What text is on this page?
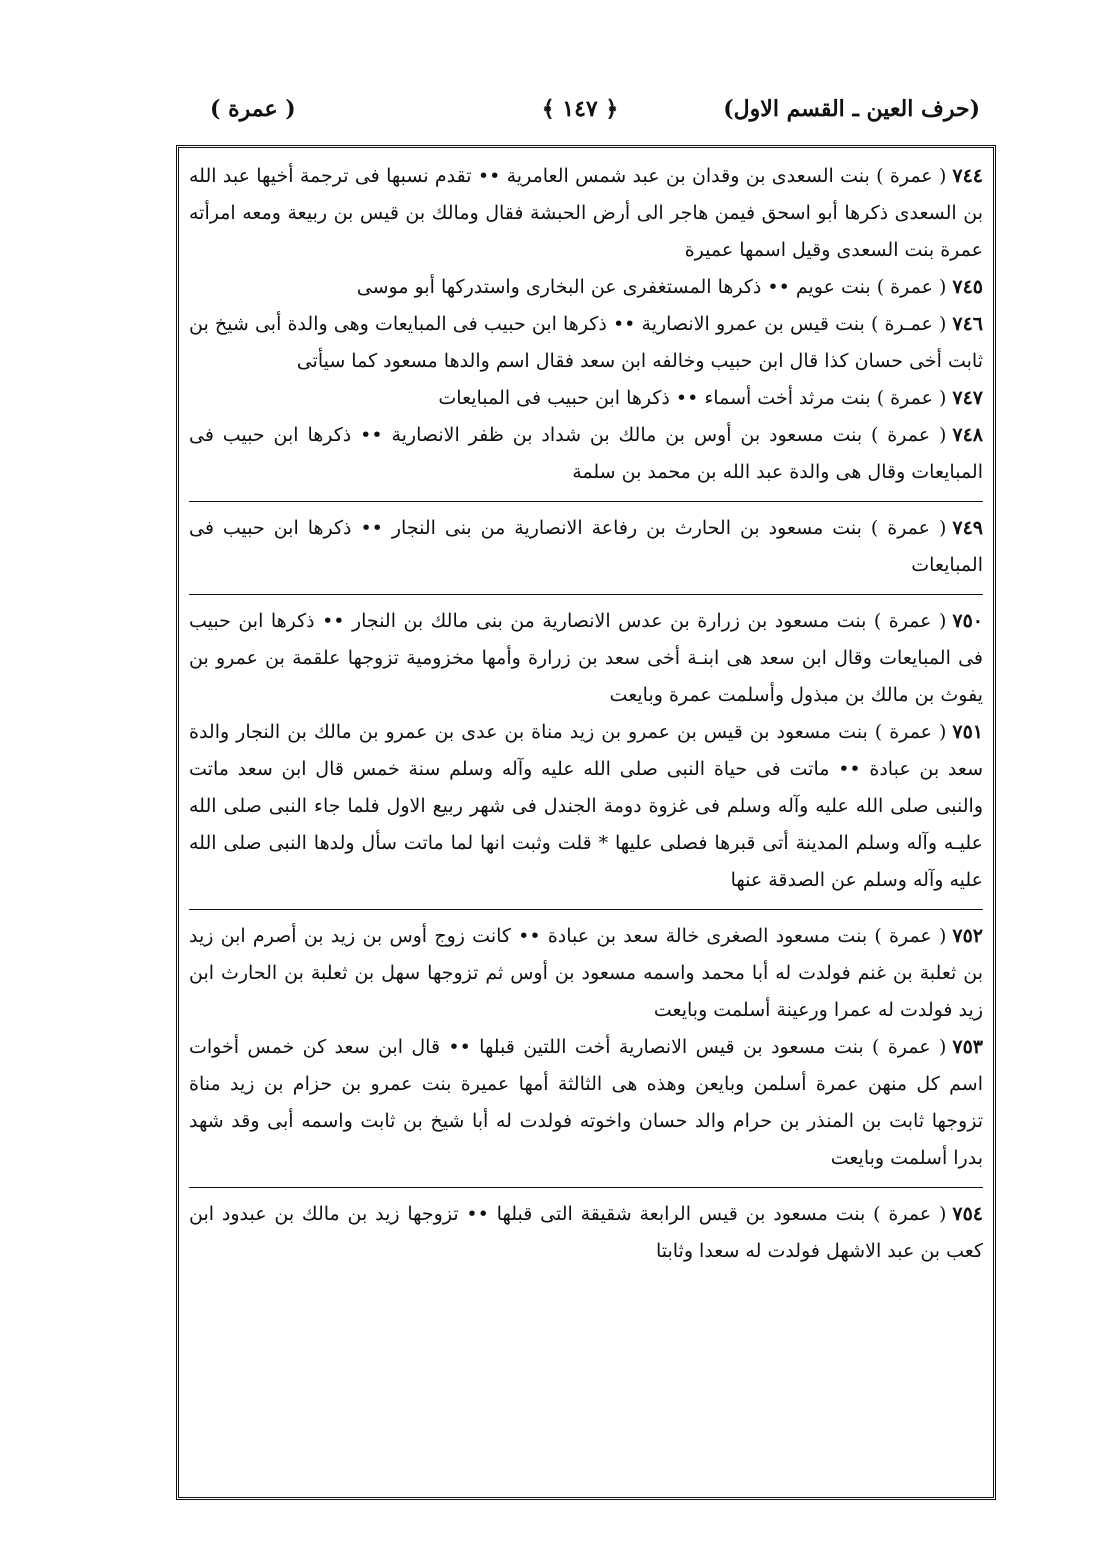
(حرف العين ـ القسم الاول)
﴿ ١٤٧ ﴾
( عمرة )
٧٤٤( عمرة ) بنت السعدى بن وقدان بن عبد شمس العامرية •• تقدم نسبها فى ترجمة أخيها عبد الله بن السعدى ذكرها أبو اسحق فيمن هاجر الى أرض الحبشة فقال ومالك بن قيس بن ربيعة ومعه امرأته عمرة بنت السعدى وقيل اسمها عميرة
٧٤٥( عمرة ) بنت عويم •• ذكرها المستغفرى عن البخارى واستدركها أبو موسى
٧٤٦( عمـرة ) بنت قيس بن عمرو الانصارية •• ذكرها ابن حبيب فى المبايعات وهى والدة أبى شيخ بن ثابت أخى حسان كذا قال ابن حبيب وخالفه ابن سعد فقال اسم والدها مسعود كما سيأتى
٧٤٧( عمرة ) بنت مرثد أخت أسماء •• ذكرها ابن حبيب فى المبايعات
٧٤٨( عمرة ) بنت مسعود بن أوس بن مالك بن شداد بن ظفر الانصارية •• ذكرها ابن حبيب فى المبايعات وقال هى والدة عبد الله بن محمد بن سلمة
٧٤٩( عمرة ) بنت مسعود بن الحارث بن رفاعة الانصارية من بنى النجار •• ذكرها ابن حبيب فى المبايعات
٧٥٠( عمرة ) بنت مسعود بن زرارة بن عدس الانصارية من بنى مالك بن النجار •• ذكرها ابن حبيب فى المبايعات وقال ابن سعد هى ابنـة أخى سعد بن زرارة وأمها مخزومية تزوجها علقمة بن عمرو بن يفوث بن مالك بن مبذول وأسلمت عمرة وبايعت
٧٥١( عمرة ) بنت مسعود بن قيس بن عمرو بن زيد مناة بن عدى بن عمرو بن مالك بن النجار والدة سعد بن عبادة •• ماتت فى حياة النبى صلى الله عليه وآله وسلم سنة خمس قال ابن سعد ماتت والنبى صلى الله عليه وآله وسلم فى غزوة دومة الجندل فى شهر ربيع الاول فلما جاء النبى صلى الله عليـه وآله وسلم المدينة أتى قبرها فصلى عليها * قلت وثبت انها لما ماتت سأل ولدها النبى صلى الله عليه وآله وسلم عن الصدقة عنها
٧٥٢( عمرة ) بنت مسعود الصغرى خالة سعد بن عبادة •• كانت زوج أوس بن زيد بن أصرم ابن زيد بن ثعلبة بن غنم فولدت له أبا محمد واسمه مسعود بن أوس ثم تزوجها سهل بن ثعلبة بن الحارث ابن زيد فولدت له عمرا ورعينة أسلمت وبايعت
٧٥٣( عمرة ) بنت مسعود بن قيس الانصارية أخت اللتين قبلها •• قال ابن سعد كن خمس أخوات اسم كل منهن عمرة أسلمن وبايعن وهذه هى الثالثة أمها عميرة بنت عمرو بن حزام بن زيد مناة تزوجها ثابت بن المنذر بن حرام والد حسان واخوته فولدت له أبا شيخ بن ثابت واسمه أبى وقد شهد بدرا أسلمت وبايعت
٧٥٤( عمرة ) بنت مسعود بن قيس الرابعة شقيقة التى قبلها •• تزوجها زيد بن مالك بن عبدود ابن كعب بن عبد الاشهل فولدت له سعدا وثابتا
